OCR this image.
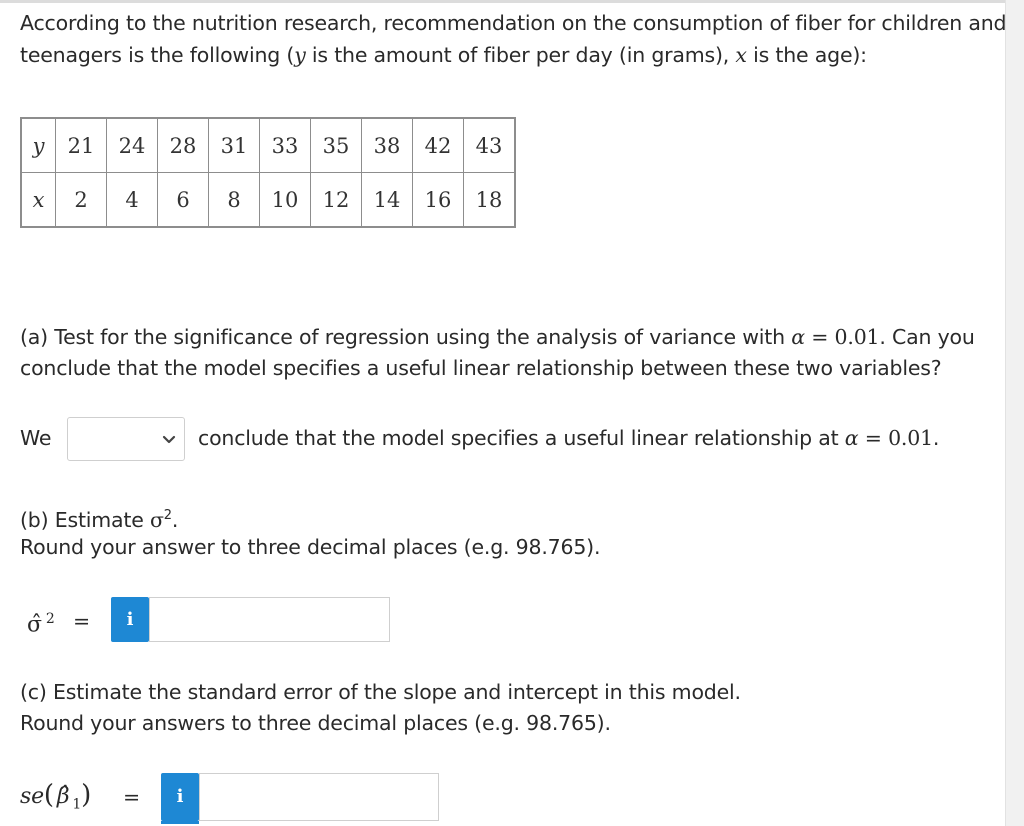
According to the nutrition research, recommendation on the consumption of fiber for children and
teenagers is the following (y is the amount of fiber per day (in grams), x is the age):
y	21	24	28	31	33	35	38	42	43
x	2	4	6	8	10	12	14	16	18
(a) Test for the significance of regression using the analysis of variance with α = 0.01. Can you
conclude that the model specifies a useful linear relationship between these two variables?
We	conclude that the model specifies a useful linear relationship at α = 0.01.
(b) Estimate $\sigma^2$.
Round your answer to three decimal places (e.g. 98.765).
σ̂ $^2$ =	i
(c) Estimate the standard error of the slope and intercept in this model.
Round your answers to three decimal places (e.g. 98.765).
se( β̂ $_1$) =	i
